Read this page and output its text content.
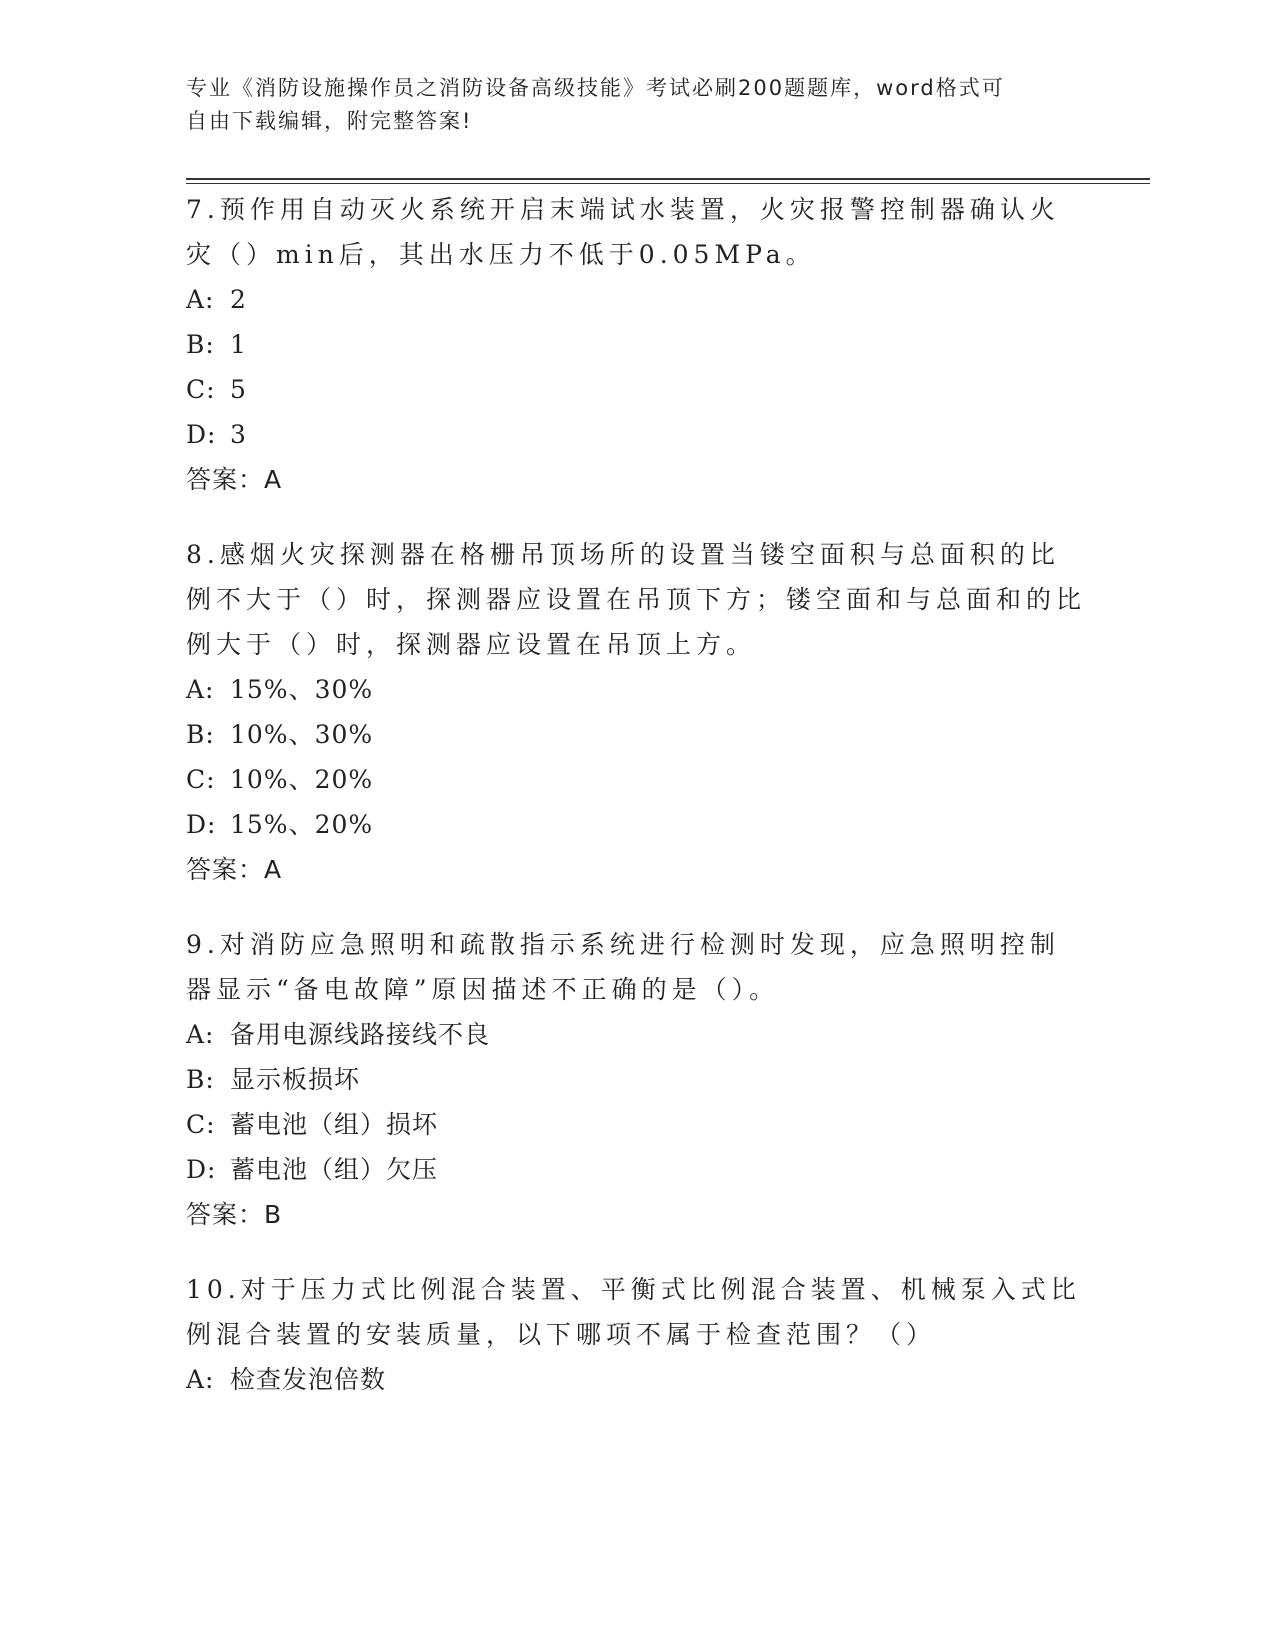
专业《消防设施操作员之消防设备高级技能》考试必刷200题题库，word格式可
自由下载编辑，附完整答案!

7.预作用自动灭火系统开启末端试水装置，火灾报警控制器确认火灾（）min后，其出水压力不低于0.05MPa。

A: 2

B: 1

C: 5

D: 3

答案：A

8.感烟火灾探测器在格栅吊顶场所的设置当镂空面积与总面积的比例不大于（）时，探测器应设置在吊顶下方；镂空面和与总面和的比例大于（）时，探测器应设置在吊顶上方。

A: 15%、30%

B: 10%、30%

C: 10%、20%

D: 15%、20%

答案：A

9.对消防应急照明和疏散指示系统进行检测时发现，应急照明控制器显示“备电故障”原因描述不正确的是（）。

A: 备用电源线路接线不良

B: 显示板损坏

C: 蓄电池（组）损坏

D: 蓄电池（组）欠压

答案：B

10.对于压力式比例混合装置、平衡式比例混合装置、机械泵入式比例混合装置的安装质量，以下哪项不属于检查范围？（）

A: 检查发泡倍数
